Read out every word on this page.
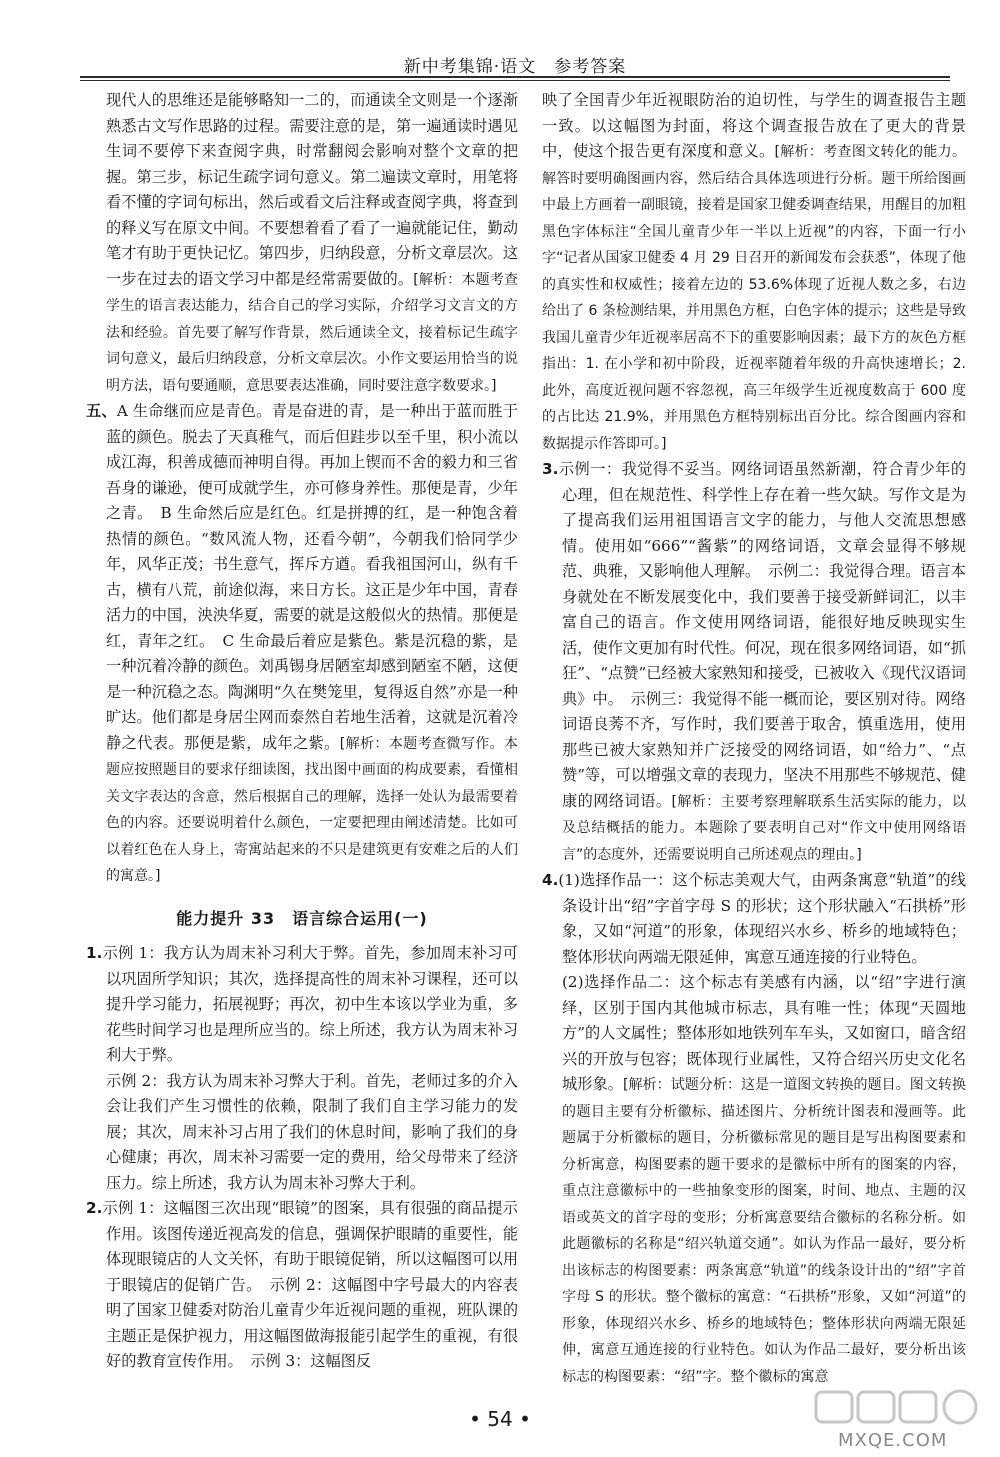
新中考集锦·语文　参考答案

现代人的思维还是能够略知一二的，而通读全文则是一个逐渐熟悉古文写作思路的过程。需要注意的是，第一遍通读时遇见生词不要停下来查阅字典，时常翻阅会影响对整个文章的把握。第三步，标记生疏字词句意义。第二遍读文章时，用笔将看不懂的字词句标出，然后或看文后注释或查阅字典，将查到的释义写在原文中间。不要想着看了看了一遍就能记住，勤动笔才有助于更快记忆。第四步，归纳段意，分析文章层次。这一步在过去的语文学习中都是经常需要做的。[解析：本题考查学生的语言表达能力，结合自己的学习实际，介绍学习文言文的方法和经验。首先要了解写作背景，然后通读全文，接着标记生疏字词句意义，最后归纳段意，分析文章层次。小作文要运用恰当的说明方法，语句要通顺，意思要表达准确，同时要注意字数要求。]

五、A 生命继而应是青色。青是奋进的青，是一种出于蓝而胜于蓝的颜色。脱去了天真稚气，而后但跬步以至千里，积小流以成江海，积善成德而神明自得。再加上锲而不舍的毅力和三省吾身的谦逊，便可成就学生，亦可修身养性。那便是青，少年之青。　B 生命然后应是红色。红是拼搏的红，是一种饱含着热情的颜色。“数风流人物，还看今朝”，今朝我们恰同学少年，风华正茂；书生意气，挥斥方遒。看我祖国河山，纵有千古，横有八荒，前途似海，来日方长。这正是少年中国，青春活力的中国，泱泱华夏，需要的就是这般似火的热情。那便是红，青年之红。　C 生命最后着应是紫色。紫是沉稳的紫，是一种沉着冷静的颜色。刘禹锡身居陋室却感到陋室不陋，这便是一种沉稳之态。陶渊明“久在樊笼里，复得返自然”亦是一种旷达。他们都是身居尘网而泰然自若地生活着，这就是沉着冷静之代表。那便是紫，成年之紫。[解析：本题考查微写作。本题应按照题目的要求仔细读图，找出图中画面的构成要素，看懂相关文字表达的含意，然后根据自己的理解，选择一处认为最需要着色的内容。还要说明着什么颜色，一定要把理由阐述清楚。比如可以着红色在人身上，寄寓站起来的不只是建筑更有安难之后的人们的寓意。]

能力提升 33　语言综合运用(一)

1.示例 1：我方认为周末补习利大于弊。首先，参加周末补习可以巩固所学知识；其次，选择提高性的周末补习课程，还可以提升学习能力，拓展视野；再次，初中生本该以学业为重，多花些时间学习也是理所应当的。综上所述，我方认为周末补习利大于弊。

示例 2：我方认为周末补习弊大于利。首先，老师过多的介入会让我们产生习惯性的依赖，限制了我们自主学习能力的发展；其次，周末补习占用了我们的休息时间，影响了我们的身心健康；再次，周末补习需要一定的费用，给父母带来了经济压力。综上所述，我方认为周末补习弊大于利。

2.示例 1：这幅图三次出现“眼镜”的图案，具有很强的商品提示作用。该图传递近视高发的信息，强调保护眼睛的重要性，能体现眼镜店的人文关怀，有助于眼镜促销，所以这幅图可以用于眼镜店的促销广告。　示例 2：这幅图中字号最大的内容表明了国家卫健委对防治儿童青少年近视问题的重视，班队课的主题正是保护视力，用这幅图做海报能引起学生的重视，有很好的教育宣传作用。　示例 3：这幅图反

映了全国青少年近视眼防治的迫切性，与学生的调查报告主题一致。以这幅图为封面，将这个调查报告放在了更大的背景中，使这个报告更有深度和意义。[解析：考查图文转化的能力。解答时要明确图画内容，然后结合具体选项进行分析。题干所给图画中最上方画着一副眼镜，接着是国家卫健委调查结果，用醒目的加粗黑色字体标注“全国儿童青少年一半以上近视”的内容，下面一行小字“记者从国家卫健委 4 月 29 日召开的新闻发布会获悉”，体现了他的真实性和权威性；接着左边的 53.6%体现了近视人数之多，右边给出了 6 条检测结果，并用黑色方框，白色字体的提示；这些是导致我国儿童青少年近视率居高不下的重要影响因素；最下方的灰色方框指出：1. 在小学和初中阶段，近视率随着年级的升高快速增长；2. 此外，高度近视问题不容忽视，高三年级学生近视度数高于 600 度的占比达 21.9%，并用黑色方框特别标出百分比。综合图画内容和数据提示作答即可。]

3.示例一：我觉得不妥当。网络词语虽然新潮，符合青少年的心理，但在规范性、科学性上存在着一些欠缺。写作文是为了提高我们运用祖国语言文字的能力，与他人交流思想感情。使用如“666”“酱紫”的网络词语，文章会显得不够规范、典雅，又影响他人理解。　示例二：我觉得合理。语言本身就处在不断发展变化中，我们要善于接受新鲜词汇，以丰富自己的语言。作文使用网络词语，能很好地反映现实生活，使作文更加有时代性。何况，现在很多网络词语，如“抓狂”、“点赞”已经被大家熟知和接受，已被收入《现代汉语词典》中。　示例三：我觉得不能一概而论，要区别对待。网络词语良莠不齐，写作时，我们要善于取舍，慎重选用，使用那些已被大家熟知并广泛接受的网络词语，如“给力”、“点赞”等，可以增强文章的表现力，坚决不用那些不够规范、健康的网络词语。[解析：主要考察理解联系生活实际的能力，以及总结概括的能力。本题除了要表明自己对“作文中使用网络语言”的态度外，还需要说明自己所述观点的理由。]

4.(1)选择作品一：这个标志美观大气，由两条寓意“轨道”的线条设计出“绍”字首字母 S 的形状；这个形状融入“石拱桥”形象，又如“河道”的形象，体现绍兴水乡、桥乡的地域特色；整体形状向两端无限延伸，寓意互通连接的行业特色。

(2)选择作品二：这个标志有美感有内涵，以“绍”字进行演绎，区别于国内其他城市标志，具有唯一性；体现“天圆地方”的人文属性；整体形如地铁列车车头，又如窗口，暗含绍兴的开放与包容；既体现行业属性，又符合绍兴历史文化名城形象。[解析：试题分析：这是一道图文转换的题目。图文转换的题目主要有分析徽标、描述图片、分析统计图表和漫画等。此题属于分析徽标的题目，分析徽标常见的题目是写出构图要素和分析寓意，构图要素的题干要求的是徽标中所有的图案的内容，重点注意徽标中的一些抽象变形的图案，时间、地点、主题的汉语或英文的首字母的变形；分析寓意要结合徽标的名称分析。如此题徽标的名称是“绍兴轨道交通”。如认为作品一最好，要分析出该标志的构图要素：两条寓意“轨道”的线条设计出的“绍”字首字母 S 的形状。整个徽标的寓意：“石拱桥”形象，又如“河道”的形象，体现绍兴水乡、桥乡的地域特色；整体形状向两端无限延伸，寓意互通连接的行业特色。如认为作品二最好，要分析出该标志的构图要素：“绍”字。整个徽标的寓意

• 54 •
MXQE.COM
